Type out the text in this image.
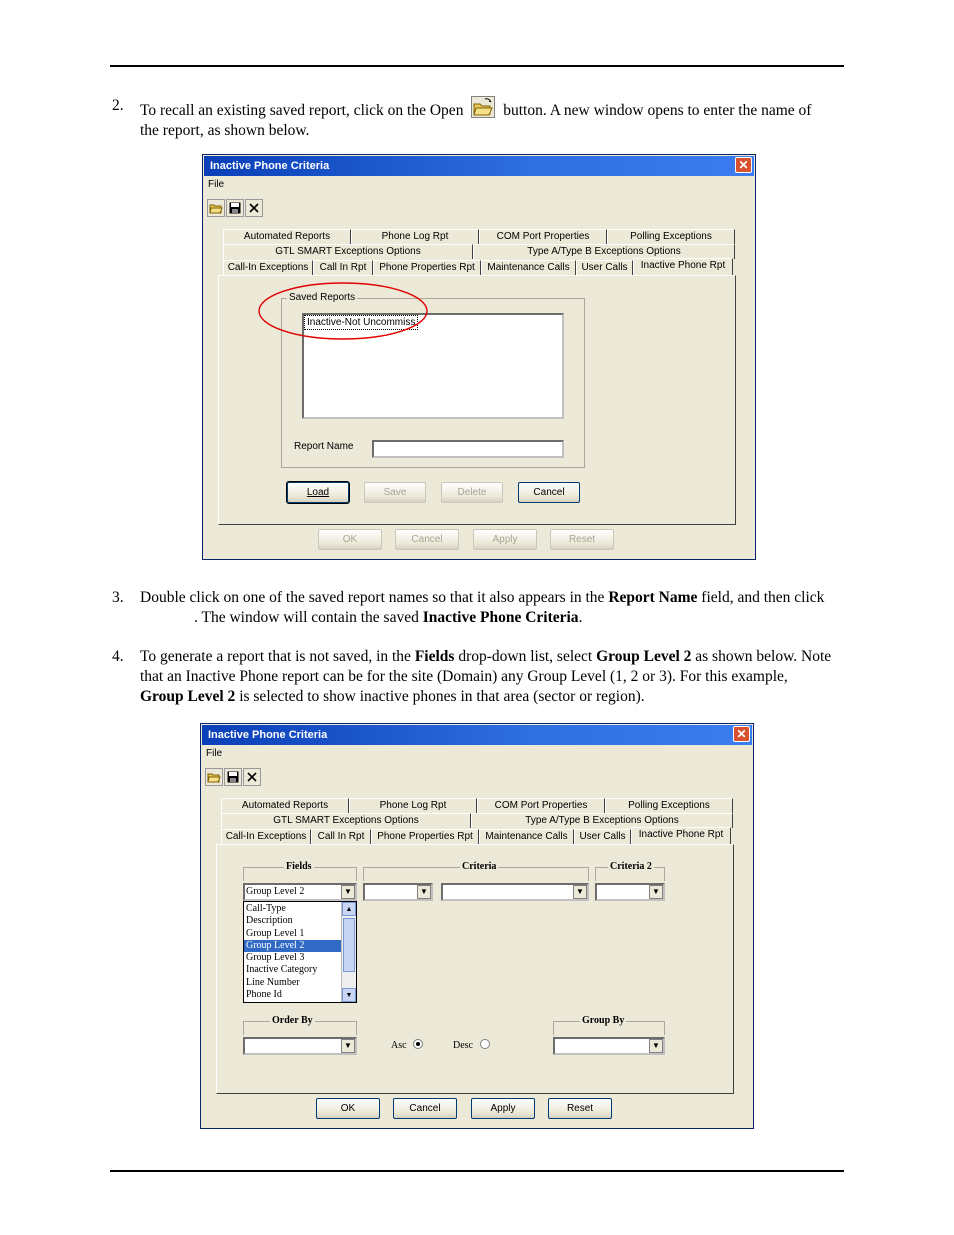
2. To recall an existing saved report, click on the Open	button. A new window opens to enter the name of the report, as shown below.
Inactive Phone Criteria	✕
File
Automated Reports	Phone Log Rpt	COM Port Properties	Polling Exceptions
GTL SMART Exceptions Options	Type A/Type B Exceptions Options
Call-In Exceptions	Call In Rpt	Phone Properties Rpt	Maintenance Calls	User Calls	Inactive Phone Rpt
Saved Reports
Inactive-Not Uncommiss
Report Name
Load	Save	Delete	Cancel
OK	Cancel	Apply	Reset
3. Double click on one of the saved report names so that it also appears in the Report Name field, and then click. The window will contain the saved Inactive Phone Criteria.
4. To generate a report that is not saved, in the Fields drop-down list, select Group Level 2 as shown below. Note that an Inactive Phone report can be for the site (Domain) any Group Level (1, 2 or 3). For this example, Group Level 2 is selected to show inactive phones in that area (sector or region).
Inactive Phone Criteria	✕
File
Automated Reports	Phone Log Rpt	COM Port Properties	Polling Exceptions
GTL SMART Exceptions Options	Type A/Type B Exceptions Options
Call-In Exceptions	Call In Rpt	Phone Properties Rpt	Maintenance Calls	User Calls	Inactive Phone Rpt
Fields	Criteria	Criteria 2
Group Level 2	▼	▼	▼	▼
Call-Type
Description
Group Level 1
Group Level 2
Group Level 3
Inactive Category
Line Number
Phone Id
▲
▼
Order By
▼	Asc	Desc
Group By
▼
OK	Cancel	Apply	Reset
